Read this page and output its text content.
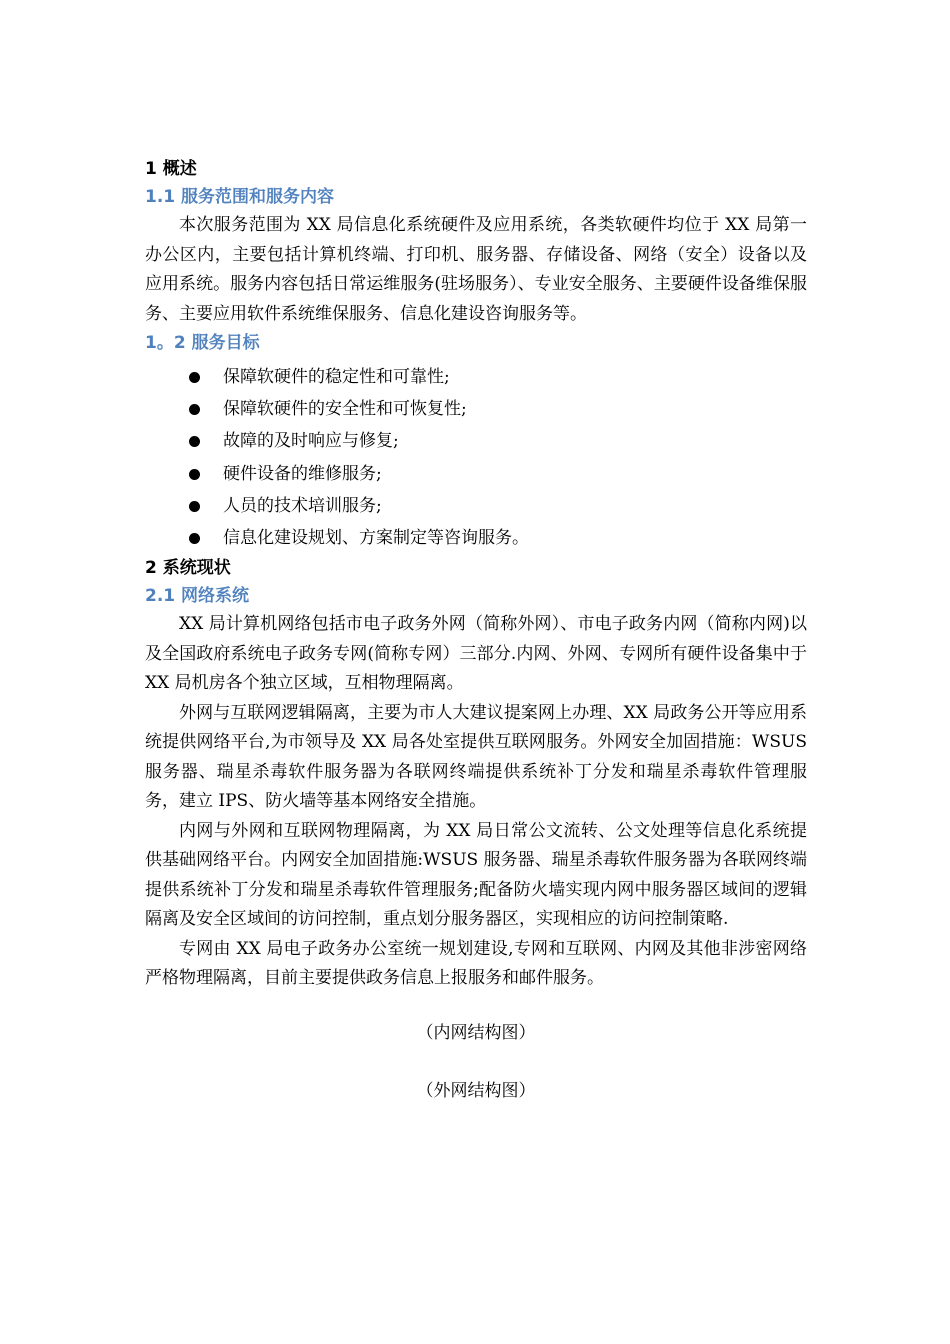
1 概述
1.1 服务范围和服务内容

本次服务范围为 XX 局信息化系统硬件及应用系统，各类软硬件均位于 XX 局第一办公区内，主要包括计算机终端、打印机、服务器、存储设备、网络（安全）设备以及应用系统。服务内容包括日常运维服务(驻场服务）、专业安全服务、主要硬件设备维保服务、主要应用软件系统维保服务、信息化建设咨询服务等。

1。2 服务目标
保障软硬件的稳定性和可靠性;
保障软硬件的安全性和可恢复性;
故障的及时响应与修复;
硬件设备的维修服务;
人员的技术培训服务;
信息化建设规划、方案制定等咨询服务。
2 系统现状
2.1 网络系统

XX 局计算机网络包括市电子政务外网（简称外网）、市电子政务内网（简称内网)以及全国政府系统电子政务专网(简称专网）三部分.内网、外网、专网所有硬件设备集中于 XX 局机房各个独立区域，互相物理隔离。

外网与互联网逻辑隔离，主要为市人大建议提案网上办理、XX 局政务公开等应用系统提供网络平台,为市领导及 XX 局各处室提供互联网服务。外网安全加固措施：WSUS 服务器、瑞星杀毒软件服务器为各联网终端提供系统补丁分发和瑞星杀毒软件管理服务，建立 IPS、防火墙等基本网络安全措施。

内网与外网和互联网物理隔离，为 XX 局日常公文流转、公文处理等信息化系统提供基础网络平台。内网安全加固措施:WSUS 服务器、瑞星杀毒软件服务器为各联网终端提供系统补丁分发和瑞星杀毒软件管理服务;配备防火墙实现内网中服务器区域间的逻辑隔离及安全区域间的访问控制，重点划分服务器区，实现相应的访问控制策略.

专网由 XX 局电子政务办公室统一规划建设,专网和互联网、内网及其他非涉密网络严格物理隔离，目前主要提供政务信息上报服务和邮件服务。

（内网结构图）
（外网结构图）
